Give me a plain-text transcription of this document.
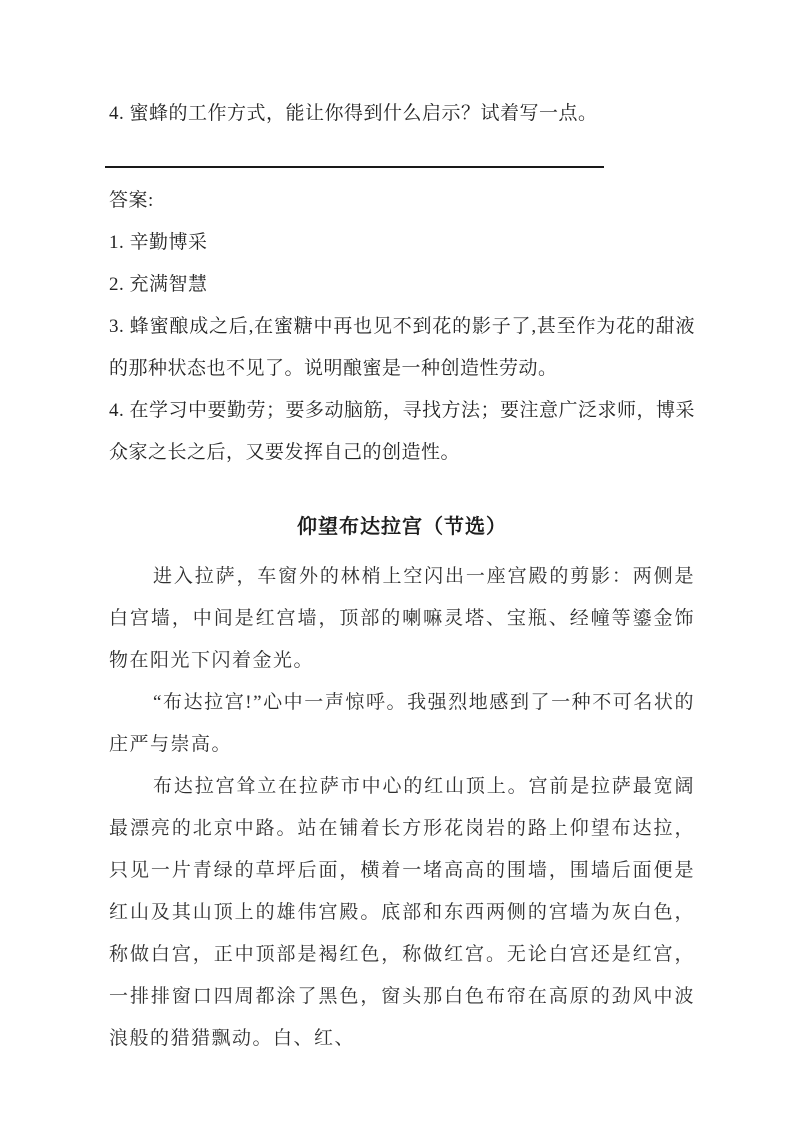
4. 蜜蜂的工作方式，能让你得到什么启示？试着写一点。

答案:

1. 辛勤博采

2. 充满智慧

3. 蜂蜜酿成之后,在蜜糖中再也见不到花的影子了,甚至作为花的甜液的那种状态也不见了。说明酿蜜是一种创造性劳动。

4. 在学习中要勤劳；要多动脑筋，寻找方法；要注意广泛求师，博采众家之长之后，又要发挥自己的创造性。

仰望布达拉宫（节选）

进入拉萨，车窗外的林梢上空闪出一座宫殿的剪影：两侧是白宫墙，中间是红宫墙，顶部的喇嘛灵塔、宝瓶、经幢等鎏金饰物在阳光下闪着金光。

“布达拉宫!”心中一声惊呼。我强烈地感到了一种不可名状的庄严与崇高。

布达拉宫耸立在拉萨市中心的红山顶上。宫前是拉萨最宽阔最漂亮的北京中路。站在铺着长方形花岗岩的路上仰望布达拉，只见一片青绿的草坪后面，横着一堵高高的围墙，围墙后面便是红山及其山顶上的雄伟宫殿。底部和东西两侧的宫墙为灰白色，称做白宫，正中顶部是褐红色，称做红宫。无论白宫还是红宫，一排排窗口四周都涂了黑色，窗头那白色布帘在高原的劲风中波浪般的猎猎飘动。白、红、
